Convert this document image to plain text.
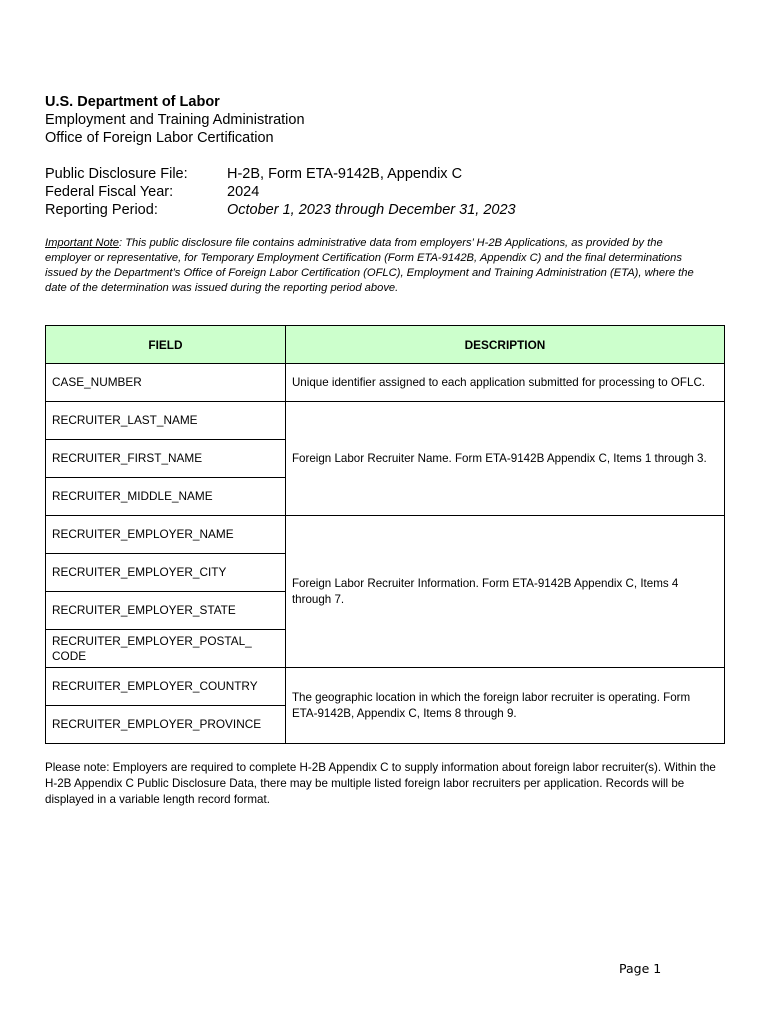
U.S. Department of Labor
Employment and Training Administration
Office of Foreign Labor Certification
Public Disclosure File:	H-2B, Form ETA-9142B, Appendix C
Federal Fiscal Year:	2024
Reporting Period:	October 1, 2023 through December 31, 2023
Important Note: This public disclosure file contains administrative data from employers’ H-2B Applications, as provided by the employer or representative, for Temporary Employment Certification (Form ETA-9142B, Appendix C) and the final determinations issued by the Department’s Office of Foreign Labor Certification (OFLC), Employment and Training Administration (ETA), where the date of the determination was issued during the reporting period above.
FIELD	DESCRIPTION
CASE_NUMBER	Unique identifier assigned to each application submitted for processing to OFLC.
RECRUITER_LAST_NAME	Foreign Labor Recruiter Name. Form ETA-9142B Appendix C, Items 1 through 3.
RECRUITER_FIRST_NAME	
RECRUITER_MIDDLE_NAME	
RECRUITER_EMPLOYER_NAME	Foreign Labor Recruiter Information. Form ETA-9142B Appendix C, Items 4 through 7.
RECRUITER_EMPLOYER_CITY	
RECRUITER_EMPLOYER_STATE	
RECRUITER_EMPLOYER_POSTAL_ CODE	
RECRUITER_EMPLOYER_COUNTRY	The geographic location in which the foreign labor recruiter is operating. Form ETA-9142B, Appendix C, Items 8 through 9.
RECRUITER_EMPLOYER_PROVINCE	
Please note: Employers are required to complete H-2B Appendix C to supply information about foreign labor recruiter(s). Within the H-2B Appendix C Public Disclosure Data, there may be multiple listed foreign labor recruiters per application. Records will be displayed in a variable length record format.
Page 1
